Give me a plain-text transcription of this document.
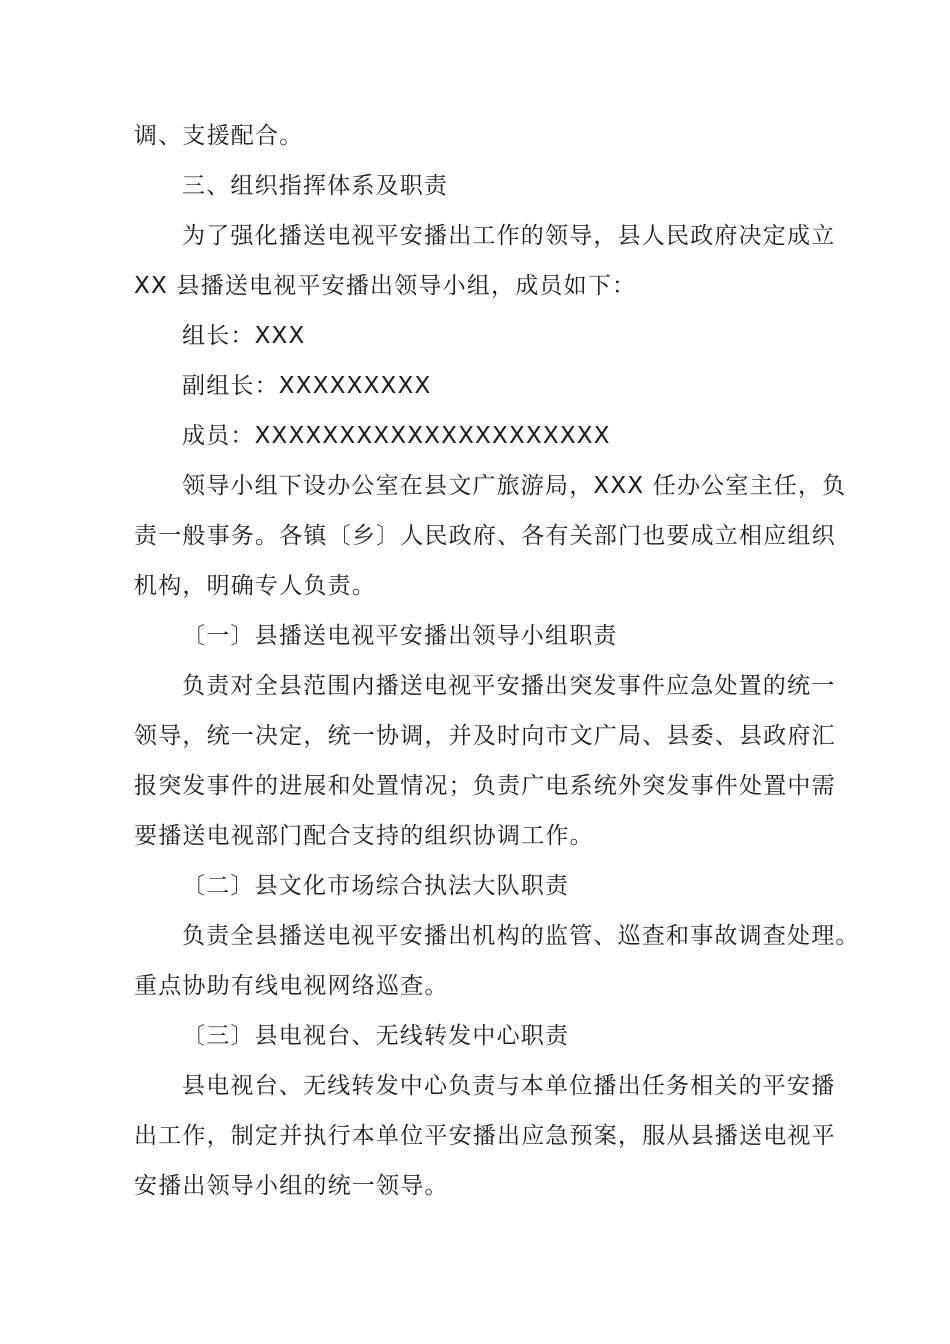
调、支援配合。
三、组织指挥体系及职责
为了强化播送电视平安播出工作的领导，县人民政府决定成立
XX 县播送电视平安播出领导小组，成员如下：
组长：XXX
副组长：XXXXXXXXX
成员：XXXXXXXXXXXXXXXXXXXXX
领导小组下设办公室在县文广旅游局，XXX 任办公室主任，负
责一般事务。各镇〔乡〕人民政府、各有关部门也要成立相应组织
机构，明确专人负责。
〔一〕县播送电视平安播出领导小组职责
负责对全县范围内播送电视平安播出突发事件应急处置的统一
领导，统一决定，统一协调，并及时向市文广局、县委、县政府汇
报突发事件的进展和处置情况；负责广电系统外突发事件处置中需
要播送电视部门配合支持的组织协调工作。
〔二〕县文化市场综合执法大队职责
负责全县播送电视平安播出机构的监管、巡查和事故调查处理。
重点协助有线电视网络巡查。
〔三〕县电视台、无线转发中心职责
县电视台、无线转发中心负责与本单位播出任务相关的平安播
出工作，制定并执行本单位平安播出应急预案，服从县播送电视平
安播出领导小组的统一领导。
